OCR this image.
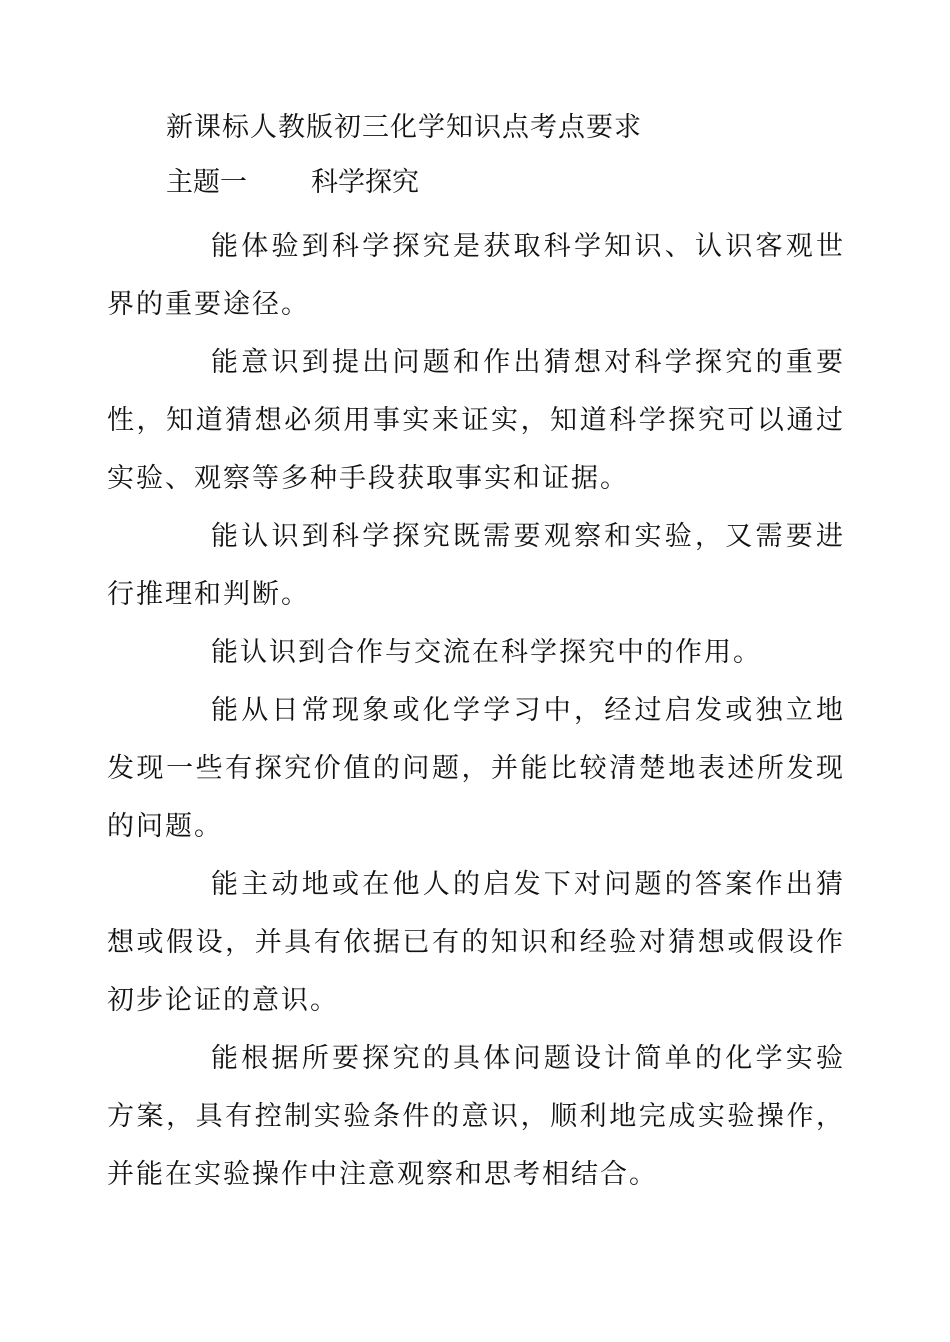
新课标人教版初三化学知识点考点要求
主题一 科学探究

能体验到科学探究是获取科学知识、认识客观世界的重要途径。

能意识到提出问题和作出猜想对科学探究的重要性，知道猜想必须用事实来证实，知道科学探究可以通过实验、观察等多种手段获取事实和证据。

能认识到科学探究既需要观察和实验，又需要进行推理和判断。

能认识到合作与交流在科学探究中的作用。

能从日常现象或化学学习中，经过启发或独立地发现一些有探究价值的问题，并能比较清楚地表述所发现的问题。

能主动地或在他人的启发下对问题的答案作出猜想或假设，并具有依据已有的知识和经验对猜想或假设作初步论证的意识。

能根据所要探究的具体问题设计简单的化学实验方案，具有控制实验条件的意识，顺利地完成实验操作，并能在实验操作中注意观察和思考相结合。
